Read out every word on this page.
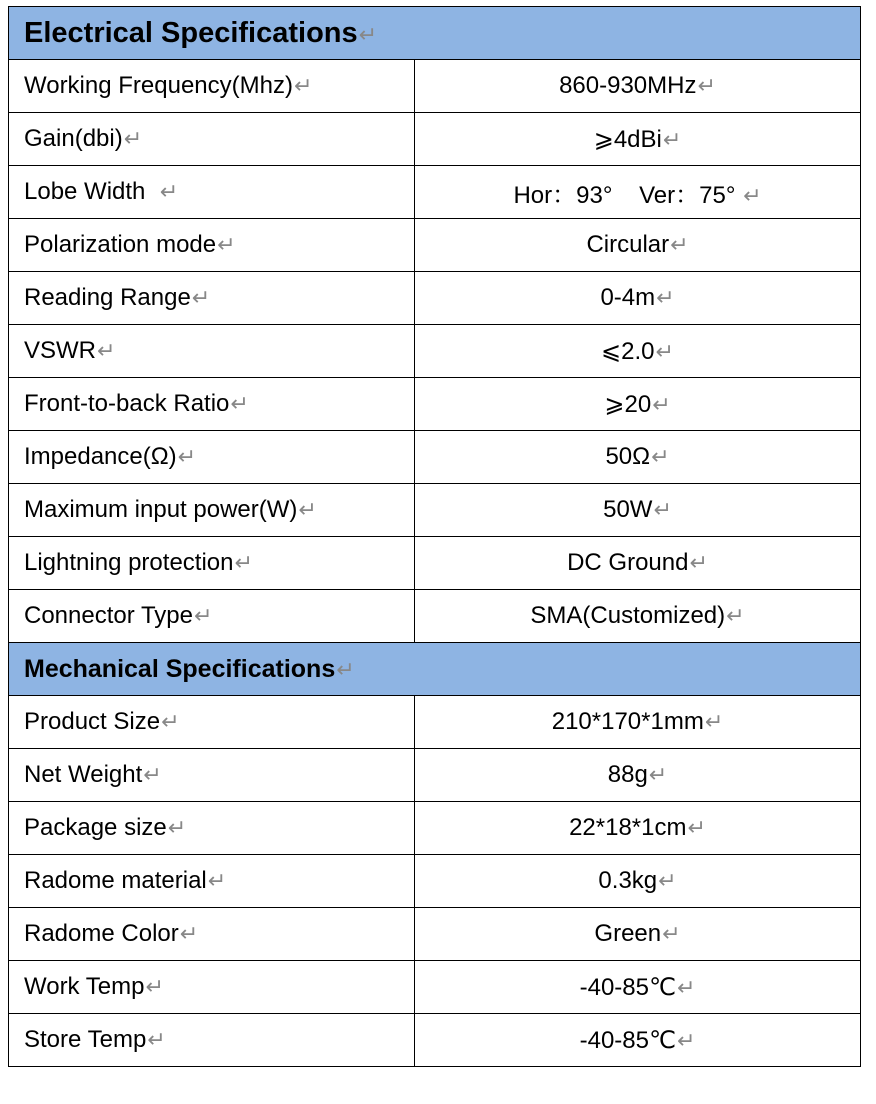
Electrical Specifications↵	
Working Frequency(Mhz)↵	860-930MHz↵
Gain(dbi)↵	⩾4dBi↵
Lobe Width  ↵	Hor：93°    Ver：75° ↵
Polarization mode↵	Circular↵
Reading Range↵	0-4m↵
VSWR↵	⩽2.0↵
Front-to-back Ratio↵	⩾20↵
Impedance(Ω)↵	50Ω↵
Maximum input power(W)↵	50W↵
Lightning protection↵	DC Ground↵
Connector Type↵	SMA(Customized)↵
Mechanical Specifications↵	
Product Size↵	210*170*1mm↵
Net Weight↵	88g↵
Package size↵	22*18*1cm↵
Radome material↵	0.3kg↵
Radome Color↵	Green↵
Work Temp↵	-40-85℃↵
Store Temp↵	-40-85℃↵
